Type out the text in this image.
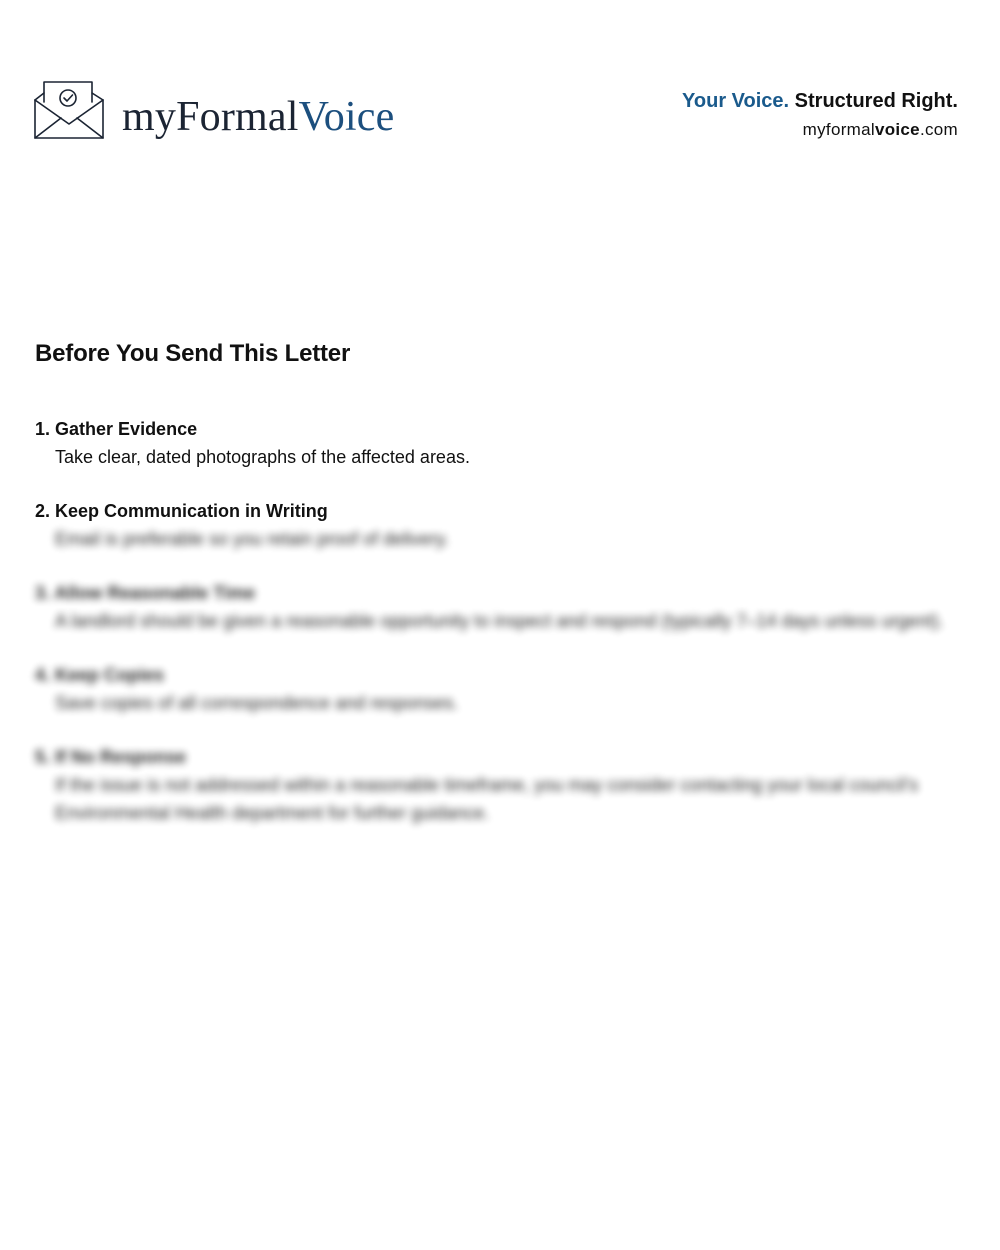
myFormalVoice	Your Voice. Structured Right.
myformalvoice.com
Before You Send This Letter
1. Gather Evidence
Take clear, dated photographs of the affected areas.
2. Keep Communication in Writing
Email is preferable so you retain proof of delivery.
3. Allow Reasonable Time
A landlord should be given a reasonable opportunity to inspect and respond (typically 7–14 days unless urgent).
4. Keep Copies
Save copies of all correspondence and responses.
5. If No Response
If the issue is not addressed within a reasonable timeframe, you may consider contacting your local council’s Environmental Health department for further guidance.
